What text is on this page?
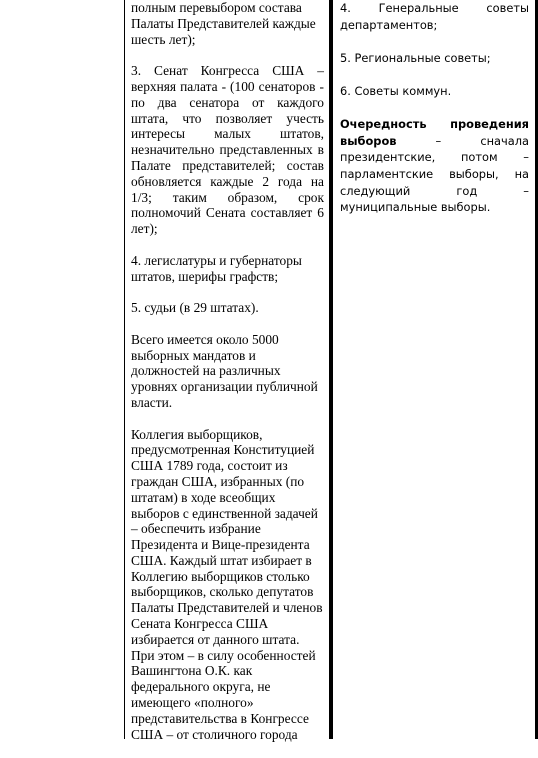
полным перевыбором состава Палаты Представителей каждые шесть лет);

3. Сенат Конгресса США – верхняя палата - (100 сенаторов - по два сенатора от каждого штата, что позволяет учесть интересы малых штатов, незначительно представленных в Палате представителей; состав обновляется каждые 2 года на 1/3; таким образом, срок полномочий Сената составляет 6 лет);

4. легислатуры и губернаторы штатов, шерифы графств;

5. судьи (в 29 штатах).

Всего имеется около 5000 выборных мандатов и должностей на различных уровнях организации публичной власти.

Коллегия выборщиков, предусмотренная Конституцией США 1789 года, состоит из граждан США, избранных (по штатам) в ходе всеобщих выборов с единственной задачей – обеспечить избрание Президента и Вице-президента США. Каждый штат избирает в Коллегию выборщиков столько выборщиков, сколько депутатов Палаты Представителей и членов Сената Конгресса США избирается от данного штата. При этом – в силу особенностей Вашингтона О.К. как федерального округа, не имеющего «полного» представительства в Конгрессе США – от столичного города

4. Генеральные советы департаментов;

5. Региональные советы;

6. Советы коммун.

Очередность проведения выборов – сначала президентские, потом – парламентские выборы, на следующий год – муниципальные выборы.
